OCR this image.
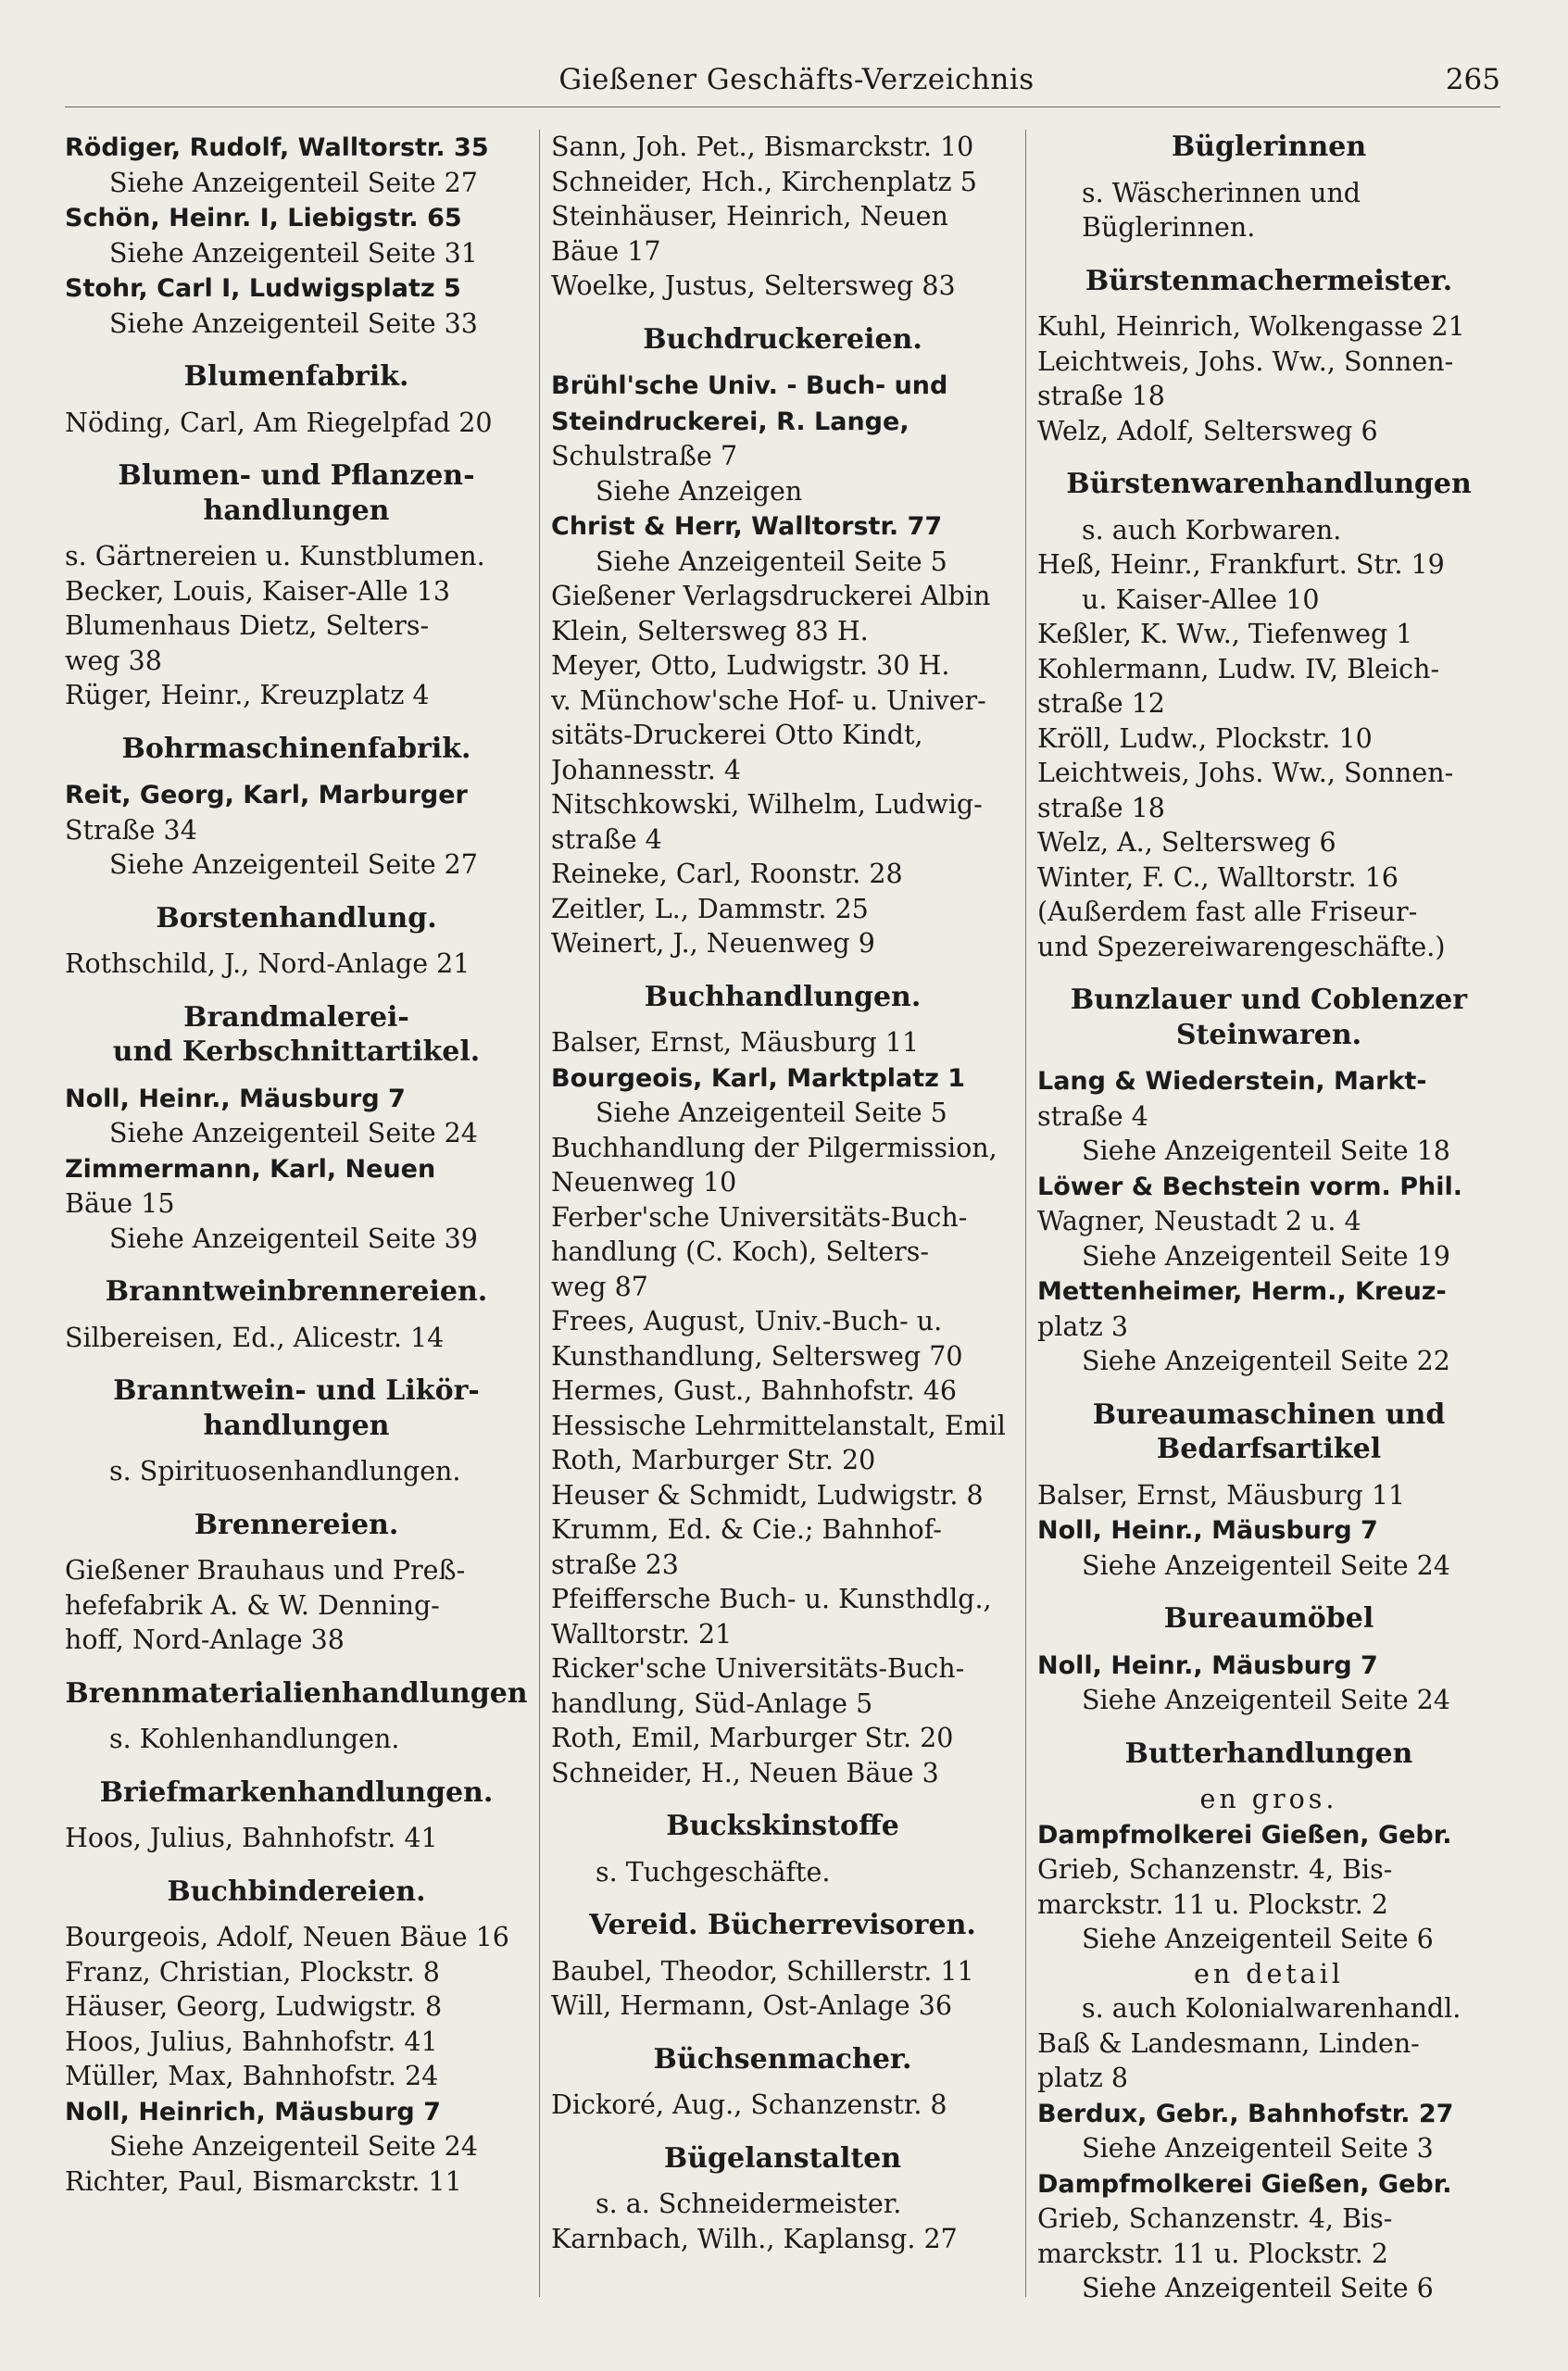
Gießener Geschäfts-Verzeichnis	265
Rödiger, Rudolf, Walltorstr. 35
Siehe Anzeigenteil Seite 27
Schön, Heinr. I, Liebigstr. 65
Siehe Anzeigenteil Seite 31
Stohr, Carl I, Ludwigsplatz 5
Siehe Anzeigenteil Seite 33
Blumenfabrik.
Nöding, Carl, Am Riegelpfad 20
Blumen- und Pflanzen-
handlungen
s. Gärtnereien u. Kunstblumen.
Becker, Louis, Kaiser-Alle 13
Blumenhaus Dietz, Selters-
weg 38
Rüger, Heinr., Kreuzplatz 4
Bohrmaschinenfabrik.
Reit, Georg, Karl, Marburger
Straße 34
Siehe Anzeigenteil Seite 27
Borstenhandlung.
Rothschild, J., Nord-Anlage 21
Brandmalerei-
und Kerbschnittartikel.
Noll, Heinr., Mäusburg 7
Siehe Anzeigenteil Seite 24
Zimmermann, Karl, Neuen
Bäue 15
Siehe Anzeigenteil Seite 39
Branntweinbrennereien.
Silbereisen, Ed., Alicestr. 14
Branntwein- und Likör-
handlungen
s. Spirituosenhandlungen.
Brennereien.
Gießener Brauhaus und Preß-
hefefabrik A. & W. Denning-
hoff, Nord-Anlage 38
Brennmaterialienhandlungen
s. Kohlenhandlungen.
Briefmarkenhandlungen.
Hoos, Julius, Bahnhofstr. 41
Buchbindereien.
Bourgeois, Adolf, Neuen Bäue 16
Franz, Christian, Plockstr. 8
Häuser, Georg, Ludwigstr. 8
Hoos, Julius, Bahnhofstr. 41
Müller, Max, Bahnhofstr. 24
Noll, Heinrich, Mäusburg 7
Siehe Anzeigenteil Seite 24
Richter, Paul, Bismarckstr. 11
Sann, Joh. Pet., Bismarckstr. 10
Schneider, Hch., Kirchenplatz 5
Steinhäuser, Heinrich, Neuen
Bäue 17
Woelke, Justus, Seltersweg 83
Buchdruckereien.
Brühl'sche Univ. - Buch- und
Steindruckerei, R. Lange,
Schulstraße 7
Siehe Anzeigen
Christ & Herr, Walltorstr. 77
Siehe Anzeigenteil Seite 5
Gießener Verlagsdruckerei Albin
Klein, Seltersweg 83 H.
Meyer, Otto, Ludwigstr. 30 H.
v. Münchow'sche Hof- u. Univer-
sitäts-Druckerei Otto Kindt,
Johannesstr. 4
Nitschkowski, Wilhelm, Ludwig-
straße 4
Reineke, Carl, Roonstr. 28
Zeitler, L., Dammstr. 25
Weinert, J., Neuenweg 9
Buchhandlungen.
Balser, Ernst, Mäusburg 11
Bourgeois, Karl, Marktplatz 1
Siehe Anzeigenteil Seite 5
Buchhandlung der Pilgermission,
Neuenweg 10
Ferber'sche Universitäts-Buch-
handlung (C. Koch), Selters-
weg 87
Frees, August, Univ.-Buch- u.
Kunsthandlung, Seltersweg 70
Hermes, Gust., Bahnhofstr. 46
Hessische Lehrmittelanstalt, Emil
Roth, Marburger Str. 20
Heuser & Schmidt, Ludwigstr. 8
Krumm, Ed. & Cie.; Bahnhof-
straße 23
Pfeiffersche Buch- u. Kunsthdlg.,
Walltorstr. 21
Ricker'sche Universitäts-Buch-
handlung, Süd-Anlage 5
Roth, Emil, Marburger Str. 20
Schneider, H., Neuen Bäue 3
Buckskinstoffe
s. Tuchgeschäfte.
Vereid. Bücherrevisoren.
Baubel, Theodor, Schillerstr. 11
Will, Hermann, Ost-Anlage 36
Büchsenmacher.
Dickoré, Aug., Schanzenstr. 8
Bügelanstalten
s. a. Schneidermeister.
Karnbach, Wilh., Kaplansg. 27
Büglerinnen
s. Wäscherinnen und
Büglerinnen.
Bürstenmachermeister.
Kuhl, Heinrich, Wolkengasse 21
Leichtweis, Johs. Ww., Sonnen-
straße 18
Welz, Adolf, Seltersweg 6
Bürstenwarenhandlungen
s. auch Korbwaren.
Heß, Heinr., Frankfurt. Str. 19
u. Kaiser-Allee 10
Keßler, K. Ww., Tiefenweg 1
Kohlermann, Ludw. IV, Bleich-
straße 12
Kröll, Ludw., Plockstr. 10
Leichtweis, Johs. Ww., Sonnen-
straße 18
Welz, A., Seltersweg 6
Winter, F. C., Walltorstr. 16
(Außerdem fast alle Friseur-
und Spezereiwarengeschäfte.)
Bunzlauer und Coblenzer
Steinwaren.
Lang & Wiederstein, Markt-
straße 4
Siehe Anzeigenteil Seite 18
Löwer & Bechstein vorm. Phil.
Wagner, Neustadt 2 u. 4
Siehe Anzeigenteil Seite 19
Mettenheimer, Herm., Kreuz-
platz 3
Siehe Anzeigenteil Seite 22
Bureaumaschinen und
Bedarfsartikel
Balser, Ernst, Mäusburg 11
Noll, Heinr., Mäusburg 7
Siehe Anzeigenteil Seite 24
Bureaumöbel
Noll, Heinr., Mäusburg 7
Siehe Anzeigenteil Seite 24
Butterhandlungen
en gros.
Dampfmolkerei Gießen, Gebr.
Grieb, Schanzenstr. 4, Bis-
marckstr. 11 u. Plockstr. 2
Siehe Anzeigenteil Seite 6
en detail
s. auch Kolonialwarenhandl.
Baß & Landesmann, Linden-
platz 8
Berdux, Gebr., Bahnhofstr. 27
Siehe Anzeigenteil Seite 3
Dampfmolkerei Gießen, Gebr.
Grieb, Schanzenstr. 4, Bis-
marckstr. 11 u. Plockstr. 2
Siehe Anzeigenteil Seite 6
